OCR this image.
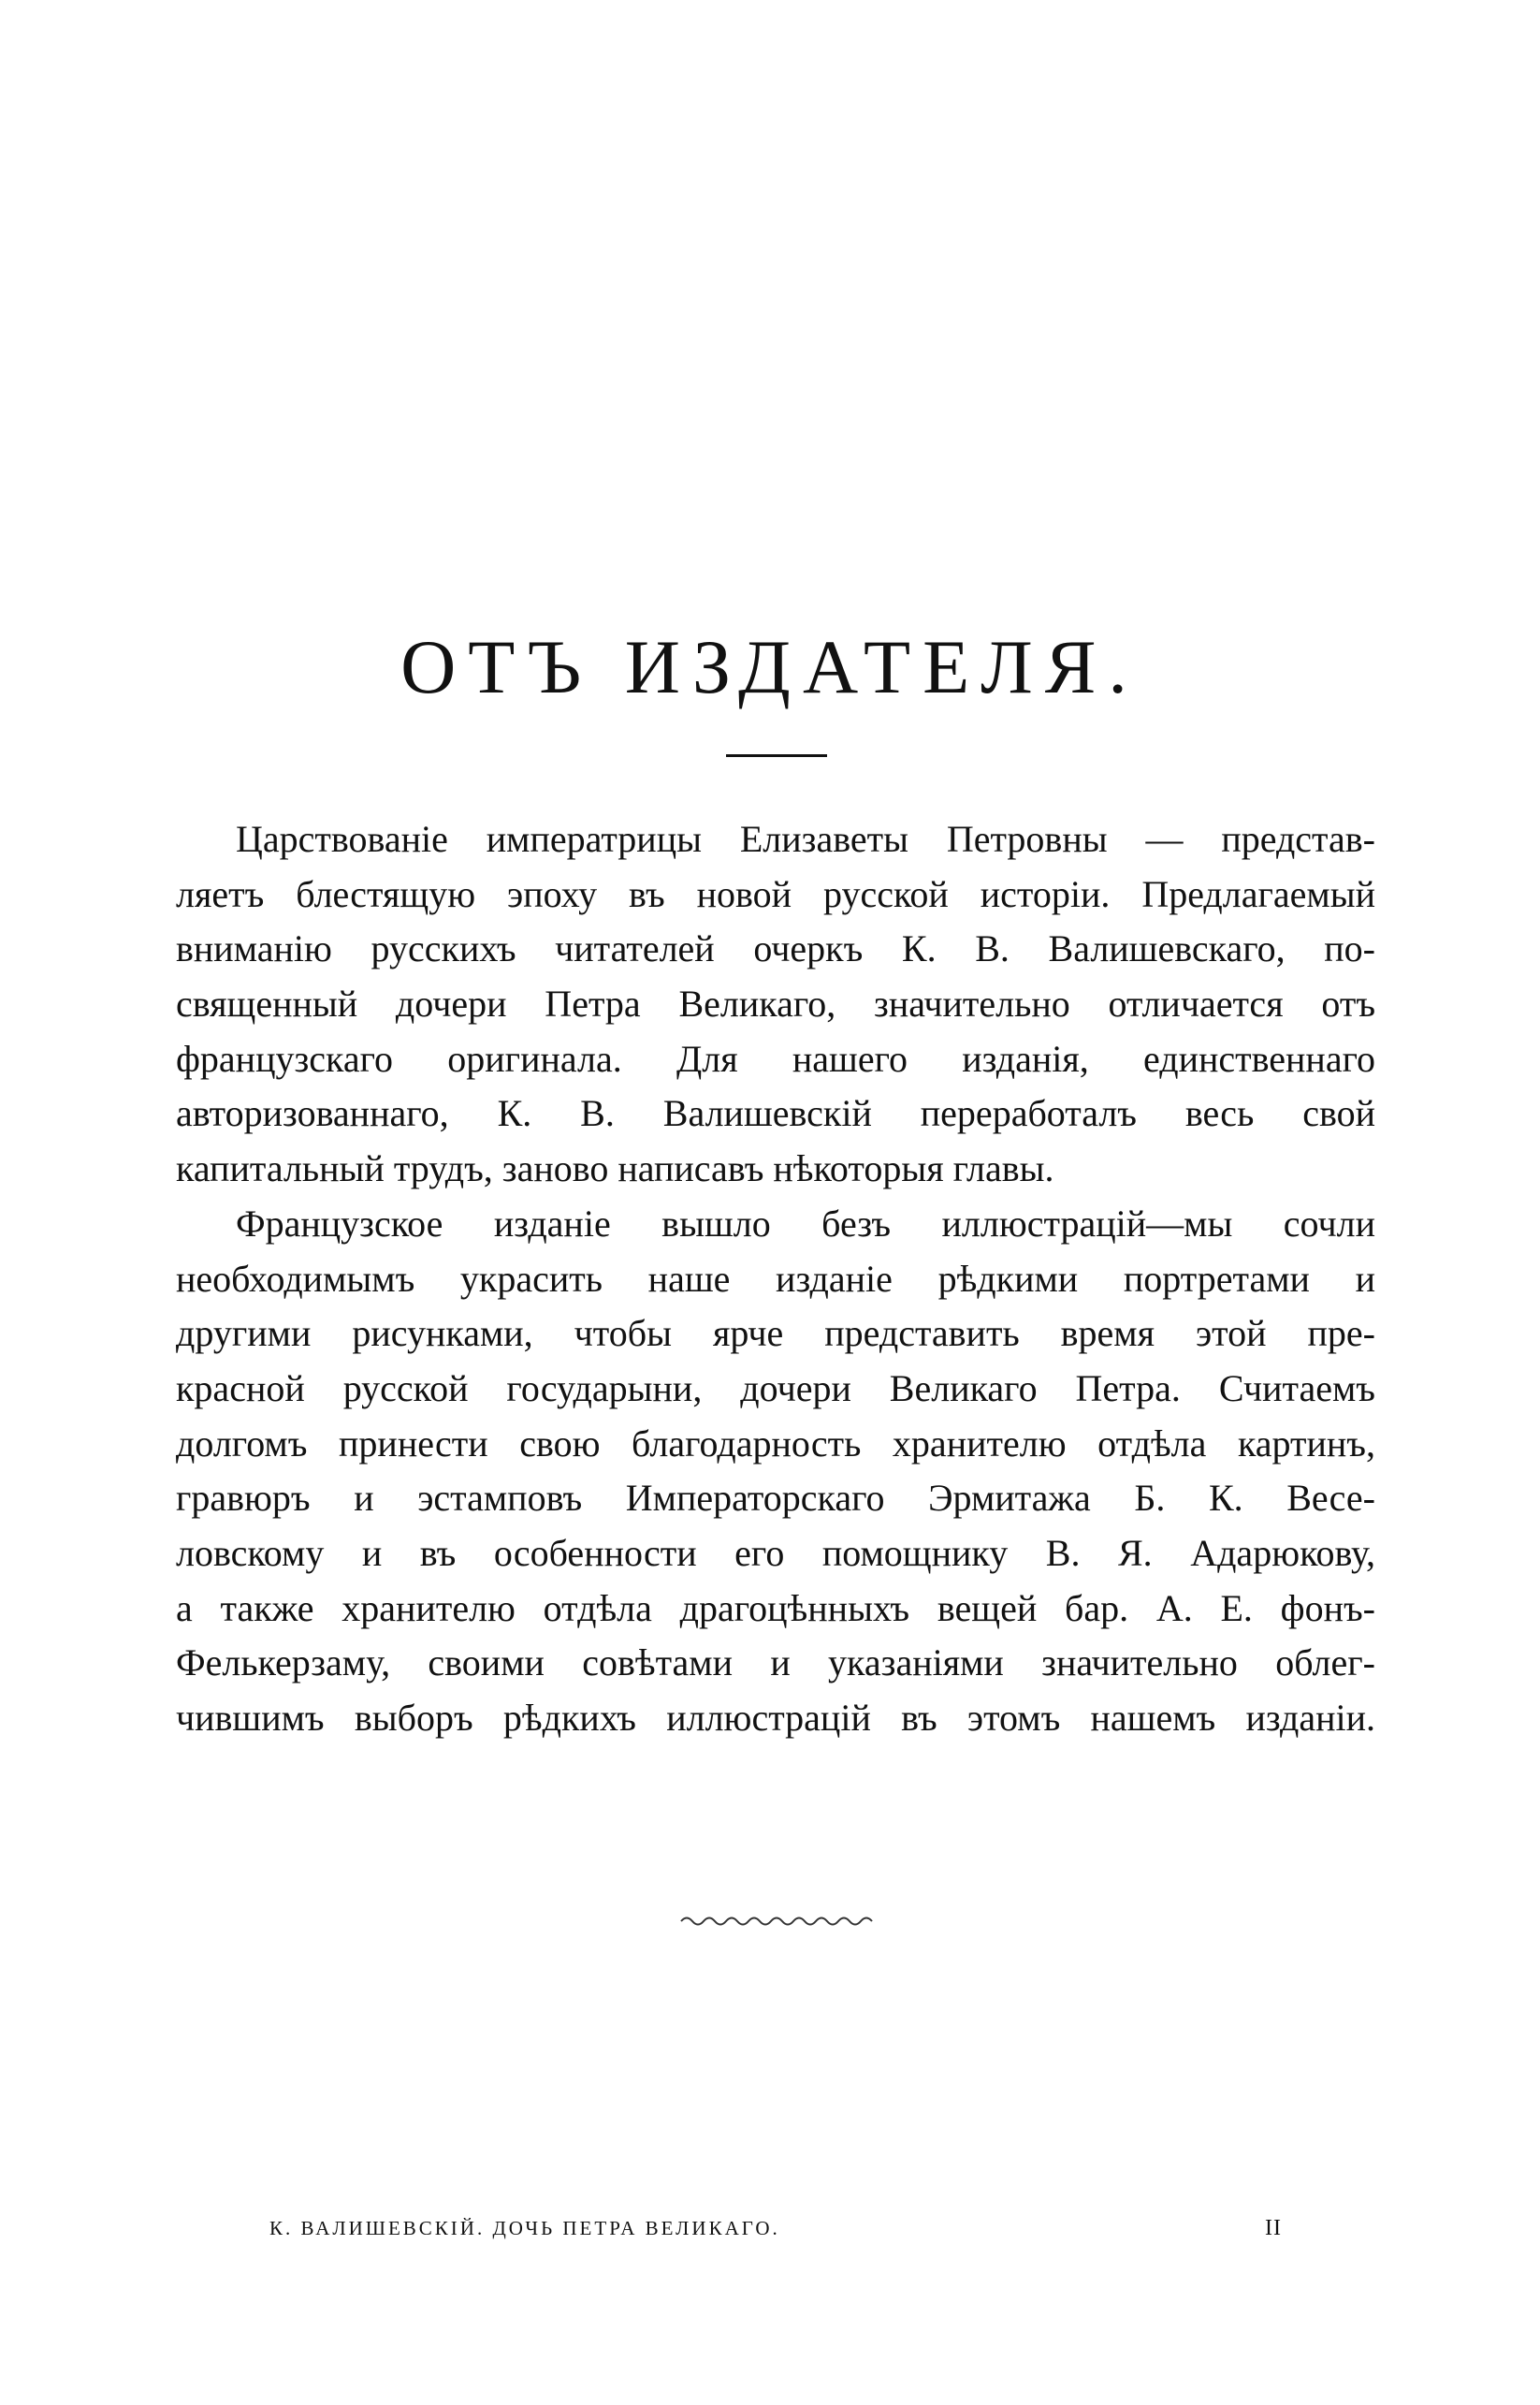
ОТЪ ИЗДАТЕЛЯ.

Царствованіе императрицы Елизаветы Петровны — представ-
ляетъ блестящую эпоху въ новой русской исторіи. Предлагаемый
вниманію русскихъ читателей очеркъ К. В. Валишевскаго, по-
священный дочери Петра Великаго, значительно отличается отъ
французскаго оригинала. Для нашего изданія, единственнаго
авторизованнаго, К. В. Валишевскій переработалъ весь свой
капитальный трудъ, заново написавъ нѣкоторыя главы.

Французское изданіе вышло безъ иллюстрацій—мы сочли
необходимымъ украсить наше изданіе рѣдкими портретами и
другими рисунками, чтобы ярче представить время этой пре-
красной русской государыни, дочери Великаго Петра. Считаемъ
долгомъ принести свою благодарность хранителю отдѣла картинъ,
гравюръ и эстамповъ Императорскаго Эрмитажа Б. К. Весе-
ловскому и въ особенности его помощнику В. Я. Адарюкову,
а также хранителю отдѣла драгоцѣнныхъ вещей бар. А. Е. фонъ-
Фелькерзаму, своими совѣтами и указаніями значительно облег-
чившимъ выборъ рѣдкихъ иллюстрацій въ этомъ нашемъ изданіи.

К. ВАЛИШЕВСКІЙ. ДОЧЬ ПЕТРА ВЕЛИКАГО.	II
